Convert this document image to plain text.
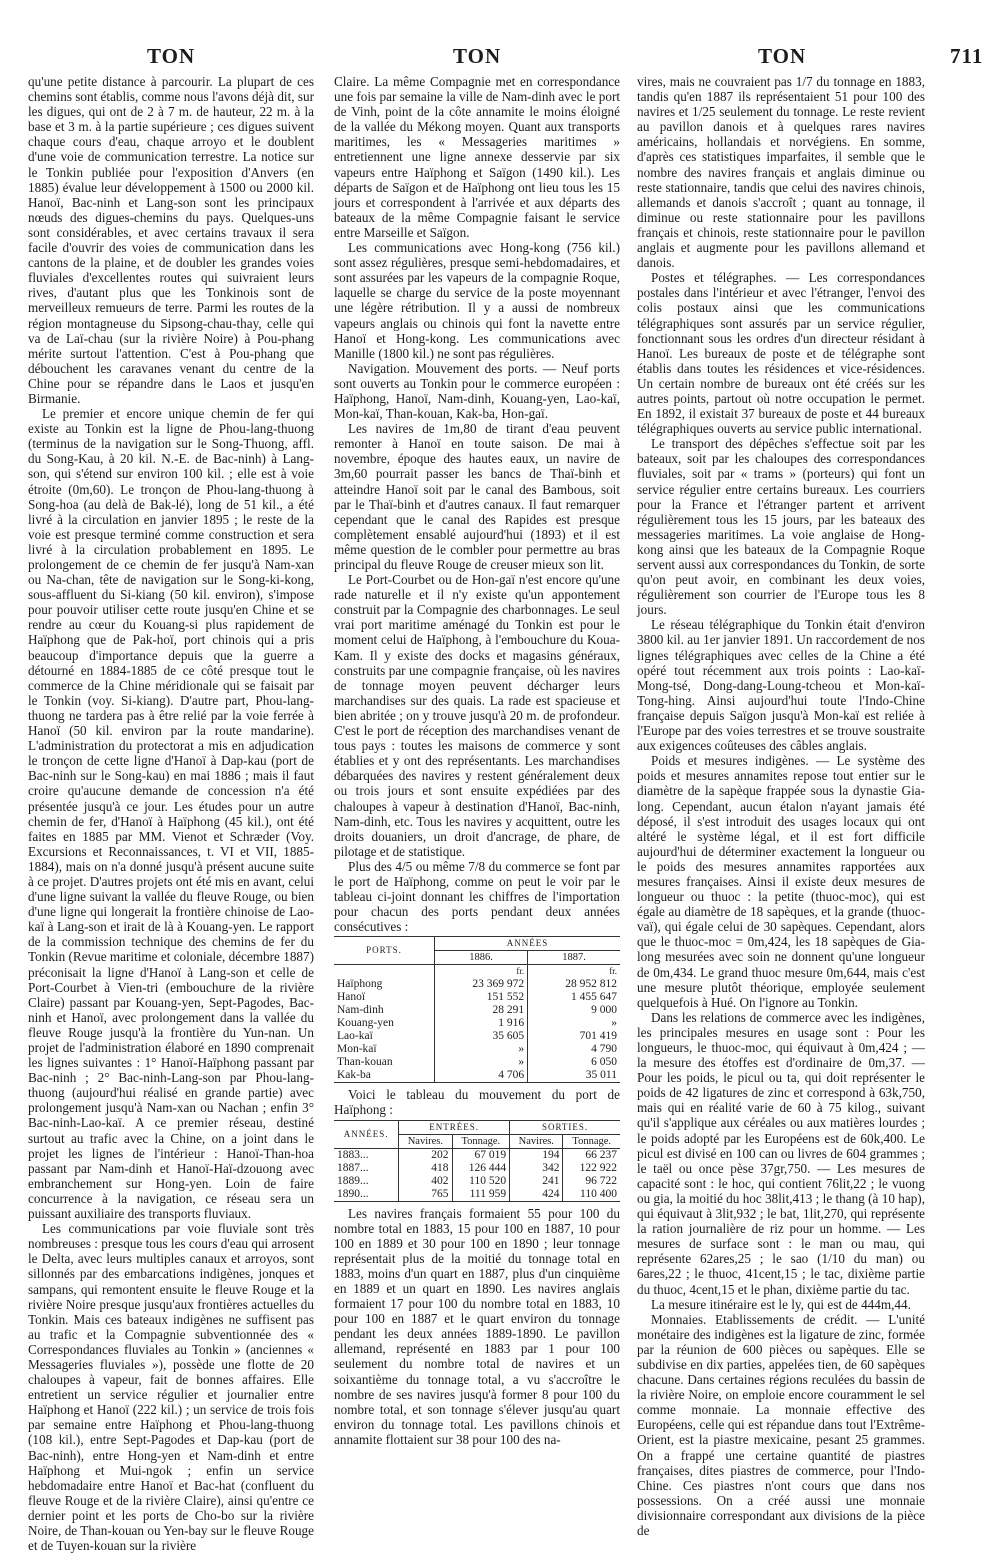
TON	TON	TON	711

qu'une petite distance à parcourir. La plupart de ces chemins sont établis, comme nous l'avons déjà dit, sur les digues, qui ont de 2 à 7 m. de hauteur, 22 m. à la base et 3 m. à la partie supérieure ; ces digues suivent chaque cours d'eau, chaque arroyo et le doublent d'une voie de communication terrestre. La notice sur le Tonkin publiée pour l'exposition d'Anvers (en 1885) évalue leur développement à 1500 ou 2000 kil. Hanoï, Bac-ninh et Lang-son sont les principaux nœuds des digues-chemins du pays. Quelques-uns sont considérables, et avec certains travaux il sera facile d'ouvrir des voies de communication dans les cantons de la plaine, et de doubler les grandes voies fluviales d'excellentes routes qui suivraient leurs rives, d'autant plus que les Tonkinois sont de merveilleux remueurs de terre. Parmi les routes de la région montagneuse du Sipsong-chau-thay, celle qui va de Laï-chau (sur la rivière Noire) à Pou-phang mérite surtout l'attention. C'est à Pou-phang que débouchent les caravanes venant du centre de la Chine pour se répandre dans le Laos et jusqu'en Birmanie.

Le premier et encore unique chemin de fer qui existe au Tonkin est la ligne de Phou-lang-thuong (terminus de la navigation sur le Song-Thuong, affl. du Song-Kau, à 20 kil. N.-E. de Bac-ninh) à Lang-son, qui s'étend sur environ 100 kil. ; elle est à voie étroite (0m,60). Le tronçon de Phou-lang-thuong à Song-hoa (au delà de Bak-lé), long de 51 kil., a été livré à la circulation en janvier 1895 ; le reste de la voie est presque terminé comme construction et sera livré à la circulation probablement en 1895. Le prolongement de ce chemin de fer jusqu'à Nam-xan ou Na-chan, tête de navigation sur le Song-ki-kong, sous-affluent du Si-kiang (50 kil. environ), s'impose pour pouvoir utiliser cette route jusqu'en Chine et se rendre au cœur du Kouang-si plus rapidement de Haïphong que de Pak-hoï, port chinois qui a pris beaucoup d'importance depuis que la guerre a détourné en 1884-1885 de ce côté presque tout le commerce de la Chine méridionale qui se faisait par le Tonkin (voy. Si-kiang). D'autre part, Phou-lang-thuong ne tardera pas à être relié par la voie ferrée à Hanoï (50 kil. environ par la route mandarine). L'administration du protectorat a mis en adjudication le tronçon de cette ligne d'Hanoï à Dap-kau (port de Bac-ninh sur le Song-kau) en mai 1886 ; mais il faut croire qu'aucune demande de concession n'a été présentée jusqu'à ce jour. Les études pour un autre chemin de fer, d'Hanoï à Haïphong (45 kil.), ont été faites en 1885 par MM. Vienot et Schræder (Voy. Excursions et Reconnaissances, t. VI et VII, 1885-1884), mais on n'a donné jusqu'à présent aucune suite à ce projet. D'autres projets ont été mis en avant, celui d'une ligne suivant la vallée du fleuve Rouge, ou bien d'une ligne qui longerait la frontière chinoise de Lao-kaï à Lang-son et irait de là à Kouang-yen. Le rapport de la commission technique des chemins de fer du Tonkin (Revue maritime et coloniale, décembre 1887) préconisait la ligne d'Hanoï à Lang-son et celle de Port-Courbet à Vien-tri (embouchure de la rivière Claire) passant par Kouang-yen, Sept-Pagodes, Bac-ninh et Hanoï, avec prolongement dans la vallée du fleuve Rouge jusqu'à la frontière du Yun-nan. Un projet de l'administration élaboré en 1890 comprenait les lignes suivantes : 1° Hanoï-Haïphong passant par Bac-ninh ; 2° Bac-ninh-Lang-son par Phou-lang-thuong (aujourd'hui réalisé en grande partie) avec prolongement jusqu'à Nam-xan ou Nachan ; enfin 3° Bac-ninh-Lao-kaï. A ce premier réseau, destiné surtout au trafic avec la Chine, on a joint dans le projet les lignes de l'intérieur : Hanoï-Than-hoa passant par Nam-dinh et Hanoï-Haï-dzouong avec embranchement sur Hong-yen. Loin de faire concurrence à la navigation, ce réseau sera un puissant auxiliaire des transports fluviaux.

Les communications par voie fluviale sont très nombreuses : presque tous les cours d'eau qui arrosent le Delta, avec leurs multiples canaux et arroyos, sont sillonnés par des embarcations indigènes, jonques et sampans, qui remontent ensuite le fleuve Rouge et la rivière Noire presque jusqu'aux frontières actuelles du Tonkin. Mais ces bateaux indigènes ne suffisent pas au trafic et la Compagnie subventionnée des « Correspondances fluviales au Tonkin » (anciennes « Messageries fluviales »), possède une flotte de 20 chaloupes à vapeur, fait de bonnes affaires. Elle entretient un service régulier et journalier entre Haïphong et Hanoï (222 kil.) ; un service de trois fois par semaine entre Haïphong et Phou-lang-thuong (108 kil.), entre Sept-Pagodes et Dap-kau (port de Bac-ninh), entre Hong-yen et Nam-dinh et entre Haïphong et Mui-ngok ; enfin un service hebdomadaire entre Hanoï et Bac-hat (confluent du fleuve Rouge et de la rivière Claire), ainsi qu'entre ce dernier point et les ports de Cho-bo sur la rivière Noire, de Than-kouan ou Yen-bay sur le fleuve Rouge et de Tuyen-kouan sur la rivière

Claire. La même Compagnie met en correspondance une fois par semaine la ville de Nam-dinh avec le port de Vinh, point de la côte annamite le moins éloigné de la vallée du Mékong moyen. Quant aux transports maritimes, les « Messageries maritimes » entretiennent une ligne annexe desservie par six vapeurs entre Haïphong et Saïgon (1490 kil.). Les départs de Saïgon et de Haïphong ont lieu tous les 15 jours et correspondent à l'arrivée et aux départs des bateaux de la même Compagnie faisant le service entre Marseille et Saïgon.

Les communications avec Hong-kong (756 kil.) sont assez régulières, presque semi-hebdomadaires, et sont assurées par les vapeurs de la compagnie Roque, laquelle se charge du service de la poste moyennant une légère rétribution. Il y a aussi de nombreux vapeurs anglais ou chinois qui font la navette entre Hanoï et Hong-kong. Les communications avec Manille (1800 kil.) ne sont pas régulières.

Navigation. Mouvement des ports. — Neuf ports sont ouverts au Tonkin pour le commerce européen : Haïphong, Hanoï, Nam-dinh, Kouang-yen, Lao-kaï, Mon-kaï, Than-kouan, Kak-ba, Hon-gaï.

Les navires de 1m,80 de tirant d'eau peuvent remonter à Hanoï en toute saison. De mai à novembre, époque des hautes eaux, un navire de 3m,60 pourrait passer les bancs de Thaï-binh et atteindre Hanoï soit par le canal des Bambous, soit par le Thaï-binh et d'autres canaux. Il faut remarquer cependant que le canal des Rapides est presque complètement ensablé aujourd'hui (1893) et il est même question de le combler pour permettre au bras principal du fleuve Rouge de creuser mieux son lit.

Le Port-Courbet ou de Hon-gaï n'est encore qu'une rade naturelle et il n'y existe qu'un appontement construit par la Compagnie des charbonnages. Le seul vrai port maritime aménagé du Tonkin est pour le moment celui de Haïphong, à l'embouchure du Koua-Kam. Il y existe des docks et magasins généraux, construits par une compagnie française, où les navires de tonnage moyen peuvent décharger leurs marchandises sur des quais. La rade est spacieuse et bien abritée ; on y trouve jusqu'à 20 m. de profondeur. C'est le port de réception des marchandises venant de tous pays : toutes les maisons de commerce y sont établies et y ont des représentants. Les marchandises débarquées des navires y restent généralement deux ou trois jours et sont ensuite expédiées par des chaloupes à vapeur à destination d'Hanoï, Bac-ninh, Nam-dinh, etc. Tous les navires y acquittent, outre les droits douaniers, un droit d'ancrage, de phare, de pilotage et de statistique.

Plus des 4/5 ou même 7/8 du commerce se font par le port de Haïphong, comme on peut le voir par le tableau ci-joint donnant les chiffres de l'importation pour chacun des ports pendant deux années consécutives :

PORTS.	ANNÉES	
	1886.	1887.
	fr.	fr.
Haïphong	23 369 972	28 952 812
Hanoï	151 552	1 455 647
Nam-dinh	28 291	9 000
Kouang-yen	1 916	»
Lao-kaï	35 605	701 419
Mon-kaï	»	4 790
Than-kouan	»	6 050
Kak-ba	4 706	35 011

Voici le tableau du mouvement du port de Haïphong :

ANNÉES.	ENTRÉES.		SORTIES.	
	Navires.	Tonnage.	Navires.	Tonnage.
1883...	202	67 019	194	66 237
1887...	418	126 444	342	122 922
1889...	402	110 520	241	96 722
1890...	765	111 959	424	110 400

Les navires français formaient 55 pour 100 du nombre total en 1883, 15 pour 100 en 1887, 10 pour 100 en 1889 et 30 pour 100 en 1890 ; leur tonnage représentait plus de la moitié du tonnage total en 1883, moins d'un quart en 1887, plus d'un cinquième en 1889 et un quart en 1890. Les navires anglais formaient 17 pour 100 du nombre total en 1883, 10 pour 100 en 1887 et le quart environ du tonnage pendant les deux années 1889-1890. Le pavillon allemand, représenté en 1883 par 1 pour 100 seulement du nombre total de navires et un soixantième du tonnage total, a vu s'accroître le nombre de ses navires jusqu'à former 8 pour 100 du nombre total, et son tonnage s'élever jusqu'au quart environ du tonnage total. Les pavillons chinois et annamite flottaient sur 38 pour 100 des na-

vires, mais ne couvraient pas 1/7 du tonnage en 1883, tandis qu'en 1887 ils représentaient 51 pour 100 des navires et 1/25 seulement du tonnage. Le reste revient au pavillon danois et à quelques rares navires américains, hollandais et norvégiens. En somme, d'après ces statistiques imparfaites, il semble que le nombre des navires français et anglais diminue ou reste stationnaire, tandis que celui des navires chinois, allemands et danois s'accroît ; quant au tonnage, il diminue ou reste stationnaire pour les pavillons français et chinois, reste stationnaire pour le pavillon anglais et augmente pour les pavillons allemand et danois.

Postes et télégraphes. — Les correspondances postales dans l'intérieur et avec l'étranger, l'envoi des colis postaux ainsi que les communications télégraphiques sont assurés par un service régulier, fonctionnant sous les ordres d'un directeur résidant à Hanoï. Les bureaux de poste et de télégraphe sont établis dans toutes les résidences et vice-résidences. Un certain nombre de bureaux ont été créés sur les autres points, partout où notre occupation le permet. En 1892, il existait 37 bureaux de poste et 44 bureaux télégraphiques ouverts au service public international.

Le transport des dépêches s'effectue soit par les bateaux, soit par les chaloupes des correspondances fluviales, soit par « trams » (porteurs) qui font un service régulier entre certains bureaux. Les courriers pour la France et l'étranger partent et arrivent régulièrement tous les 15 jours, par les bateaux des messageries maritimes. La voie anglaise de Hong-kong ainsi que les bateaux de la Compagnie Roque servent aussi aux correspondances du Tonkin, de sorte qu'on peut avoir, en combinant les deux voies, régulièrement son courrier de l'Europe tous les 8 jours.

Le réseau télégraphique du Tonkin était d'environ 3800 kil. au 1er janvier 1891. Un raccordement de nos lignes télégraphiques avec celles de la Chine a été opéré tout récemment aux trois points : Lao-kaï-Mong-tsé, Dong-dang-Loung-tcheou et Mon-kaï-Tong-hing. Ainsi aujourd'hui toute l'Indo-Chine française depuis Saïgon jusqu'à Mon-kaï est reliée à l'Europe par des voies terrestres et se trouve soustraite aux exigences coûteuses des câbles anglais.

Poids et mesures indigènes. — Le système des poids et mesures annamites repose tout entier sur le diamètre de la sapèque frappée sous la dynastie Gia-long. Cependant, aucun étalon n'ayant jamais été déposé, il s'est introduit des usages locaux qui ont altéré le système légal, et il est fort difficile aujourd'hui de déterminer exactement la longueur ou le poids des mesures annamites rapportées aux mesures françaises. Ainsi il existe deux mesures de longueur ou thuoc : la petite (thuoc-moc), qui est égale au diamètre de 18 sapèques, et la grande (thuoc-vaï), qui égale celui de 30 sapèques. Cependant, alors que le thuoc-moc = 0m,424, les 18 sapèques de Gia-long mesurées avec soin ne donnent qu'une longueur de 0m,434. Le grand thuoc mesure 0m,644, mais c'est une mesure plutôt théorique, employée seulement quelquefois à Hué. On l'ignore au Tonkin.

Dans les relations de commerce avec les indigènes, les principales mesures en usage sont : Pour les longueurs, le thuoc-moc, qui équivaut à 0m,424 ; — la mesure des étoffes est d'ordinaire de 0m,37. — Pour les poids, le picul ou ta, qui doit représenter le poids de 42 ligatures de zinc et correspond à 63k,750, mais qui en réalité varie de 60 à 75 kilog., suivant qu'il s'applique aux céréales ou aux matières lourdes ; le poids adopté par les Européens est de 60k,400. Le picul est divisé en 100 can ou livres de 604 grammes ; le taël ou once pèse 37gr,750. — Les mesures de capacité sont : le hoc, qui contient 76lit,22 ; le vuong ou gia, la moitié du hoc 38lit,413 ; le thang (à 10 hap), qui équivaut à 3lit,932 ; le bat, 1lit,270, qui représente la ration journalière de riz pour un homme. — Les mesures de surface sont : le man ou mau, qui représente 62ares,25 ; le sao (1/10 du man) ou 6ares,22 ; le thuoc, 41cent,15 ; le tac, dixième partie du thuoc, 4cent,15 et le phan, dixième partie du tac.

La mesure itinéraire est le ly, qui est de 444m,44.

Monnaies. Etablissements de crédit. — L'unité monétaire des indigènes est la ligature de zinc, formée par la réunion de 600 pièces ou sapèques. Elle se subdivise en dix parties, appelées tien, de 60 sapèques chacune. Dans certaines régions reculées du bassin de la rivière Noire, on emploie encore couramment le sel comme monnaie. La monnaie effective des Européens, celle qui est répandue dans tout l'Extrême-Orient, est la piastre mexicaine, pesant 25 grammes. On a frappé une certaine quantité de piastres françaises, dites piastres de commerce, pour l'Indo-Chine. Ces piastres n'ont cours que dans nos possessions. On a créé aussi une monnaie divisionnaire correspondant aux divisions de la pièce de
